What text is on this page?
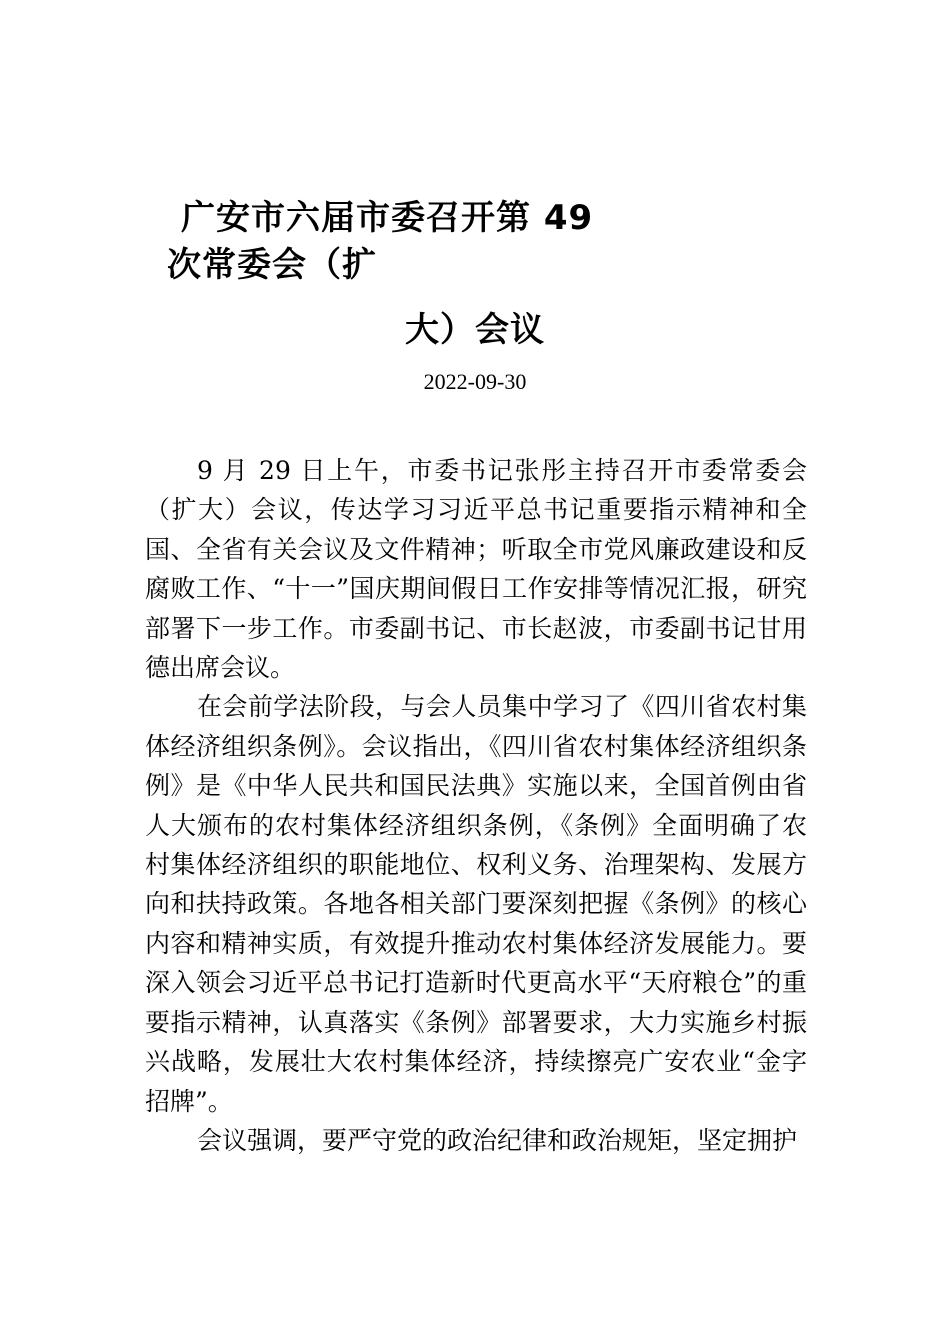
广安市六届市委召开第 49
次常委会（扩
大）会议
2022-09-30

9 月 29 日上午，市委书记张彤主持召开市委常委会（扩大）会议，传达学习习近平总书记重要指示精神和全国、全省有关会议及文件精神；听取全市党风廉政建设和反腐败工作、“十一”国庆期间假日工作安排等情况汇报，研究部署下一步工作。市委副书记、市长赵波，市委副书记甘用德出席会议。

在会前学法阶段，与会人员集中学习了《四川省农村集体经济组织条例》。会议指出，《四川省农村集体经济组织条例》是《中华人民共和国民法典》实施以来，全国首例由省人大颁布的农村集体经济组织条例，《条例》全面明确了农村集体经济组织的职能地位、权利义务、治理架构、发展方向和扶持政策。各地各相关部门要深刻把握《条例》的核心内容和精神实质，有效提升推动农村集体经济发展能力。要深入领会习近平总书记打造新时代更高水平“天府粮仓”的重要指示精神，认真落实《条例》部署要求，大力实施乡村振兴战略，发展壮大农村集体经济，持续擦亮广安农业“金字招牌”。

会议强调，要严守党的政治纪律和政治规矩，坚定拥护
